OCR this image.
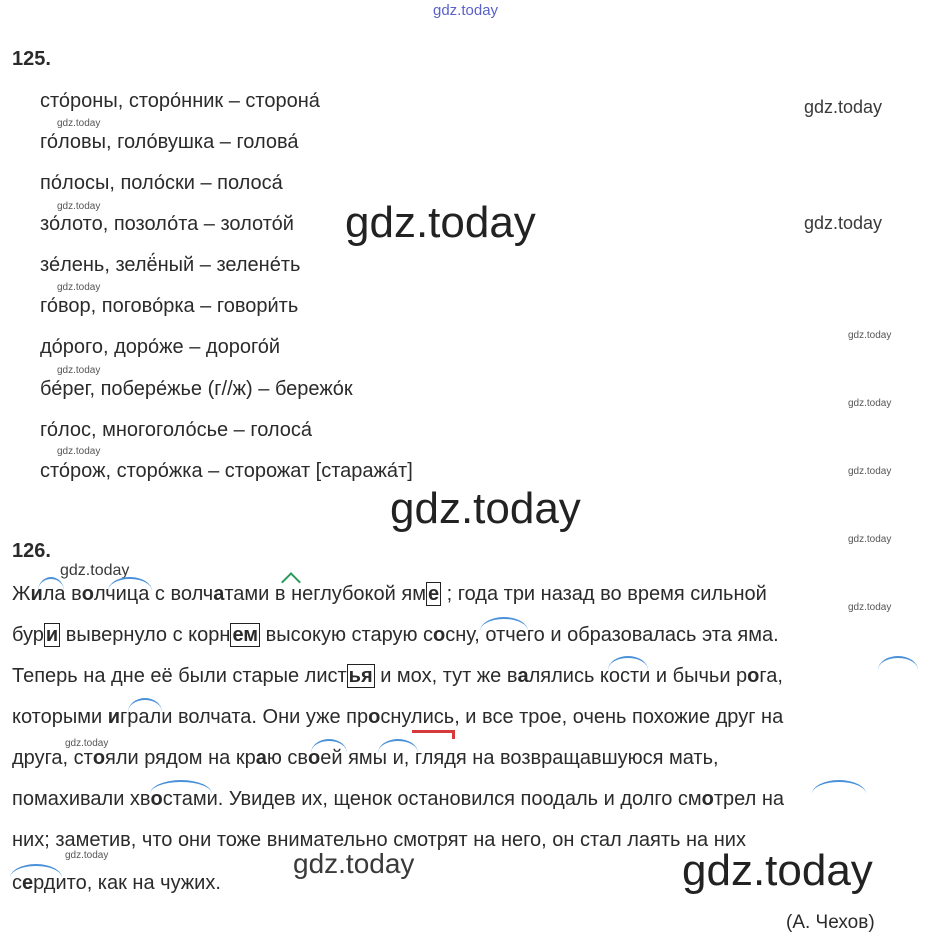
gdz.today
gdz.today
gdz.today
gdz.today
gdz.today
gdz.today
gdz.today
gdz.today
gdz.today
gdz.today
gdz.today
gdz.today
gdz.today
gdz.today
gdz.today
gdz.today
gdz.today
gdz.today
gdz.today
gdz.today
125.
сто́роны, сторо́нник – сторона́
го́ловы, голо́вушка – голова́
по́лосы, поло́ски – полоса́
зо́лото, позоло́та – золото́й
зе́лень, зелё́ный – зелене́ть
го́вор, погово́рка – говори́ть
до́рого, доро́же – дорого́й
бе́рег, побере́жье (г//ж) – бережо́к
го́лос, многоголо́сье – голоса́
сто́рож, сторо́жка – сторожат [стаража́т]
126.
Жила волчица с волчатами в неглубокой ям е ; года три назад во время сильной
бур и вывернуло с корн ем высокую старую сосну, отчего и образовалась эта яма.
Теперь на дне её были старые лист ья и мох, тут же валялись кости и бычьи рога,
которыми играли волчата. Они уже проснулись, и все трое, очень похожие друг на
друга, стояли рядом на краю своей ямы и, глядя на возвращавшуюся мать,
помахивали хвостами. Увидев их, щенок остановился поодаль и долго смотрел на
них; заметив, что они тоже внимательно смотрят на него, он стал лаять на них
сердито, как на чужих.
(А. Чехов)
